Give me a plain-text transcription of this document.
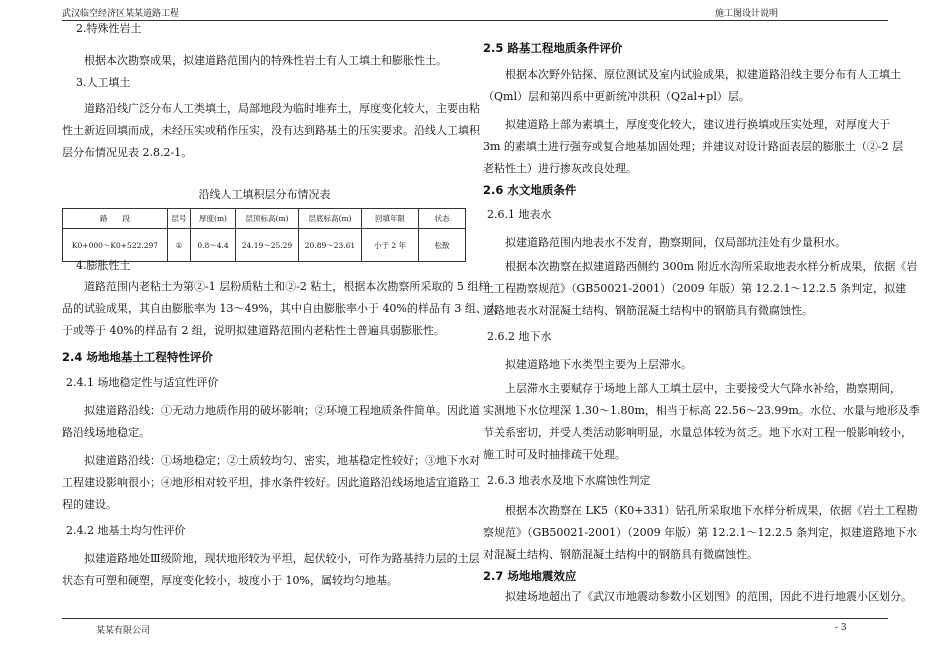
武汉临空经济区某某道路工程	施工图设计说明

2.特殊性岩土

根据本次勘察成果，拟建道路范围内的特殊性岩土有人工填土和膨胀性土。

3.人工填土

道路沿线广泛分布人工类填土，局部地段为临时堆弃土，厚度变化较大，主要由粘

性土新近回填而成，未经压实或稍作压实，没有达到路基土的压实要求。沿线人工填积

层分布情况见表 2.8.2-1。

沿线人工填积层分布情况表
路　　段	层号	厚度(m)	层顶标高(m)	层底标高(m)	回填年限	状态
K0+000～K0+522.297	①	0.8～4.4	24.19～25.29	20.89～23.61	小于 2 年	松散

4.膨胀性土

道路范围内老粘土为第②-1 层粉质粘土和②-2 粘土，根据本次勘察所采取的 5 组样

品的试验成果，其自由膨胀率为 13～49%，其中自由膨胀率小于 40%的样品有 3 组、大

于或等于 40%的样品有 2 组，说明拟建道路范围内老粘性土普遍具弱膨胀性。

2.4 场地地基土工程特性评价

2.4.1 场地稳定性与适宜性评价

拟建道路沿线：①无动力地质作用的破坏影响；②环境工程地质条件简单。因此道

路沿线场地稳定。

拟建道路沿线：①场地稳定；②土质较均匀、密实，地基稳定性较好；③地下水对

工程建设影响很小；④地形相对较平坦，排水条件较好。因此道路沿线场地适宜道路工

程的建设。

2.4.2 地基土均匀性评价

拟建道路地处Ⅲ级阶地，现状地形较为平坦，起伏较小，可作为路基持力层的土层

状态有可塑和硬塑，厚度变化较小，坡度小于 10%，属较均匀地基。

2.5 路基工程地质条件评价

根据本次野外钻探、原位测试及室内试验成果，拟建道路沿线主要分布有人工填土

（Qml）层和第四系中更新统冲洪积（Q2al+pl）层。

拟建道路上部为素填土，厚度变化较大，建议进行换填或压实处理，对厚度大于

3m 的素填土进行强夯或复合地基加固处理；并建议对设计路面表层的膨胀土（②-2 层

老粘性土）进行掺灰改良处理。

2.6 水文地质条件

2.6.1 地表水

拟建道路范围内地表水不发育，勘察期间，仅局部坑洼处有少量积水。

根据本次勘察在拟建道路西侧约 300m 附近水沟所采取地表水样分析成果，依据《岩

土工程勘察规范》（GB50021-2001）（2009 年版）第 12.2.1～12.2.5 条判定，拟建

道路地表水对混凝土结构、钢筋混凝土结构中的钢筋具有微腐蚀性。

2.6.2 地下水

拟建道路地下水类型主要为上层滞水。

上层滞水主要赋存于场地上部人工填土层中，主要接受大气降水补给，勘察期间，

实测地下水位埋深 1.30～1.80m，相当于标高 22.56～23.99m。水位、水量与地形及季

节关系密切，并受人类活动影响明显，水量总体较为贫乏。地下水对工程一般影响较小，

施工时可及时抽排疏干处理。

2.6.3 地表水及地下水腐蚀性判定

根据本次勘察在 LK5（K0+331）钻孔所采取地下水样分析成果，依据《岩土工程勘

察规范》（GB50021-2001）（2009 年版）第 12.2.1～12.2.5 条判定，拟建道路地下水

对混凝土结构、钢筋混凝土结构中的钢筋具有微腐蚀性。

2.7 场地地震效应

拟建场地超出了《武汉市地震动参数小区划图》的范围，因此不进行地震小区划分。

某某有限公司	- 3
